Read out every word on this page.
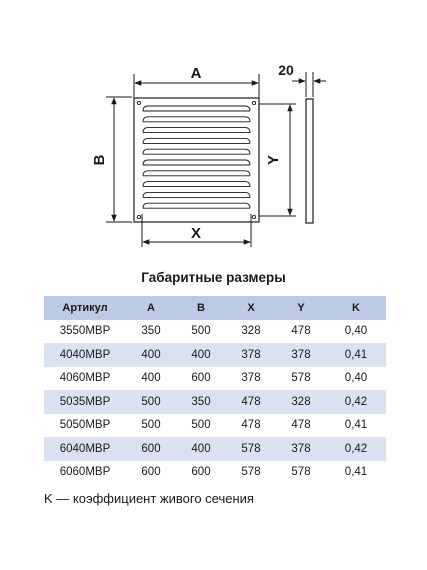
A
B
X
Y
20
Габаритные размеры
Артикул	A	B	X	Y	K
3550МВР	350	500	328	478	0,40
4040МВР	400	400	378	378	0,41
4060МВР	400	600	378	578	0,40
5035МВР	500	350	478	328	0,42
5050МВР	500	500	478	478	0,41
6040МВР	600	400	578	378	0,42
6060МВР	600	600	578	578	0,41
K — коэффициент живого сечения
